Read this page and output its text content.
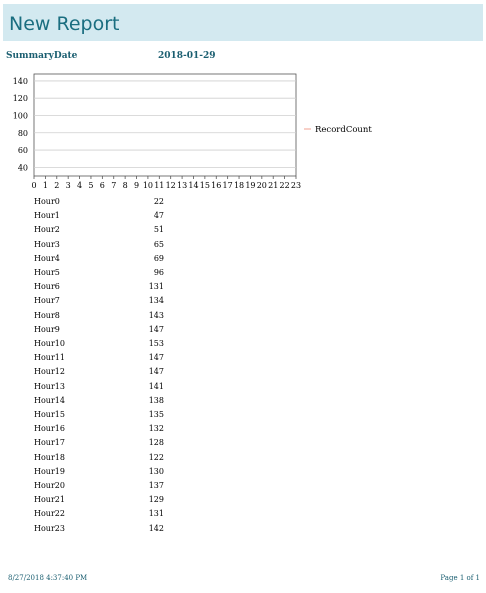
New Report
SummaryDate	2018-01-29
40
60
80
100
120
140
0 1 2 3 4 5 6 7 8 9 10 11 12 13 14 15 16 17 18 19 20 21 22 23
RecordCount
Hour0	22
Hour1	47
Hour2	51
Hour3	65
Hour4	69
Hour5	96
Hour6	131
Hour7	134
Hour8	143
Hour9	147
Hour10	153
Hour11	147
Hour12	147
Hour13	141
Hour14	138
Hour15	135
Hour16	132
Hour17	128
Hour18	122
Hour19	130
Hour20	137
Hour21	129
Hour22	131
Hour23	142
8/27/2018 4:37:40 PM	Page 1 of 1
